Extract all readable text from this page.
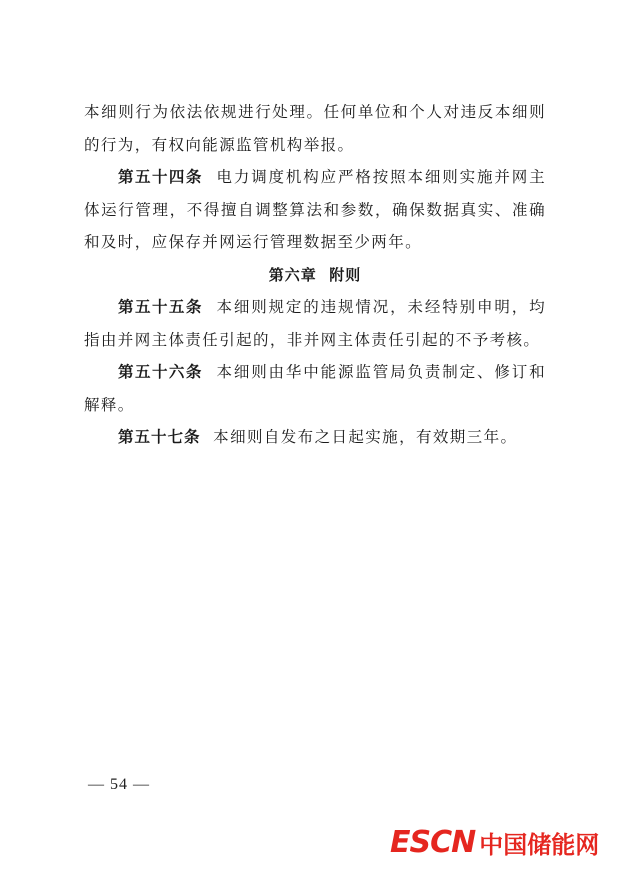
本细则行为依法依规进行处理。任何单位和个人对违反本细则的行为，有权向能源监管机构举报。

第五十四条 电力调度机构应严格按照本细则实施并网主体运行管理，不得擅自调整算法和参数，确保数据真实、准确和及时，应保存并网运行管理数据至少两年。

第六章  附则

第五十五条 本细则规定的违规情况，未经特别申明，均指由并网主体责任引起的，非并网主体责任引起的不予考核。

第五十六条 本细则由华中能源监管局负责制定、修订和解释。

第五十七条 本细则自发布之日起实施，有效期三年。

— 54 —
ESCN 中国储能网
